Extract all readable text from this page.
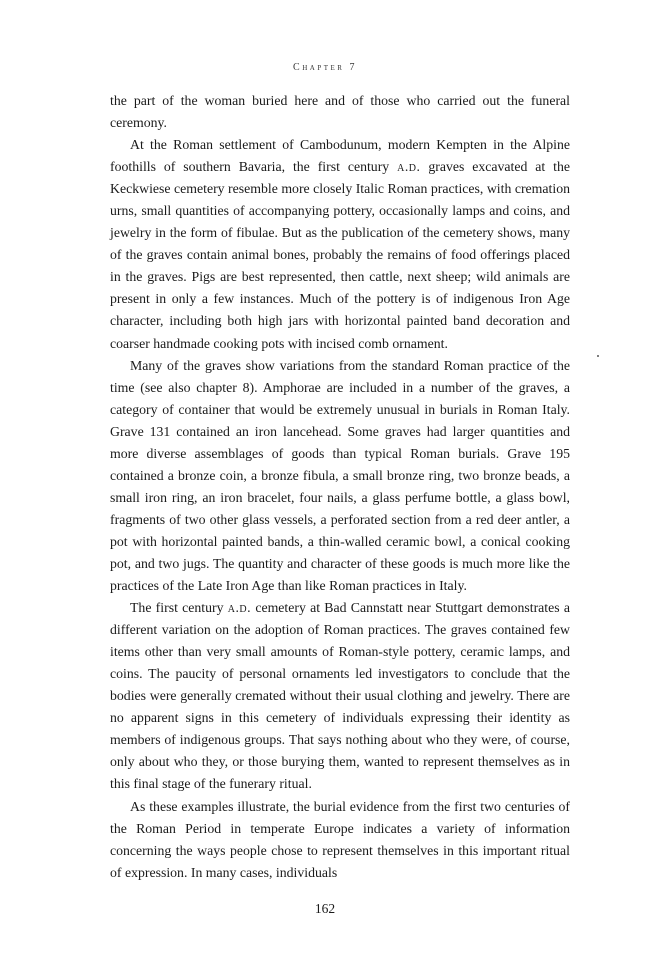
Chapter 7

the part of the woman buried here and of those who carried out the funeral ceremony.

At the Roman settlement of Cambodunum, modern Kempten in the Alpine foothills of southern Bavaria, the first century a.d. graves excavated at the Keckwiese cemetery resemble more closely Italic Roman practices, with cremation urns, small quantities of accompanying pottery, occasionally lamps and coins, and jewelry in the form of fibulae. But as the publication of the cemetery shows, many of the graves contain animal bones, probably the remains of food offerings placed in the graves. Pigs are best represented, then cattle, next sheep; wild animals are present in only a few instances. Much of the pottery is of indigenous Iron Age character, including both high jars with horizontal painted band decoration and coarser handmade cooking pots with incised comb ornament.

Many of the graves show variations from the standard Roman practice of the time (see also chapter 8). Amphorae are included in a number of the graves, a category of container that would be extremely unusual in burials in Roman Italy. Grave 131 contained an iron lancehead. Some graves had larger quantities and more diverse assemblages of goods than typical Roman burials. Grave 195 contained a bronze coin, a bronze fibula, a small bronze ring, two bronze beads, a small iron ring, an iron bracelet, four nails, a glass perfume bottle, a glass bowl, fragments of two other glass vessels, a perforated section from a red deer antler, a pot with horizontal painted bands, a thin-walled ceramic bowl, a conical cooking pot, and two jugs. The quantity and character of these goods is much more like the practices of the Late Iron Age than like Roman practices in Italy.

The first century a.d. cemetery at Bad Cannstatt near Stuttgart demonstrates a different variation on the adoption of Roman practices. The graves contained few items other than very small amounts of Roman-style pottery, ceramic lamps, and coins. The paucity of personal ornaments led investigators to conclude that the bodies were generally cremated without their usual clothing and jewelry. There are no apparent signs in this cemetery of individuals expressing their identity as members of indigenous groups. That says nothing about who they were, of course, only about who they, or those burying them, wanted to represent themselves as in this final stage of the funerary ritual.

As these examples illustrate, the burial evidence from the first two centuries of the Roman Period in temperate Europe indicates a variety of information concerning the ways people chose to represent themselves in this important ritual of expression. In many cases, individuals

162
